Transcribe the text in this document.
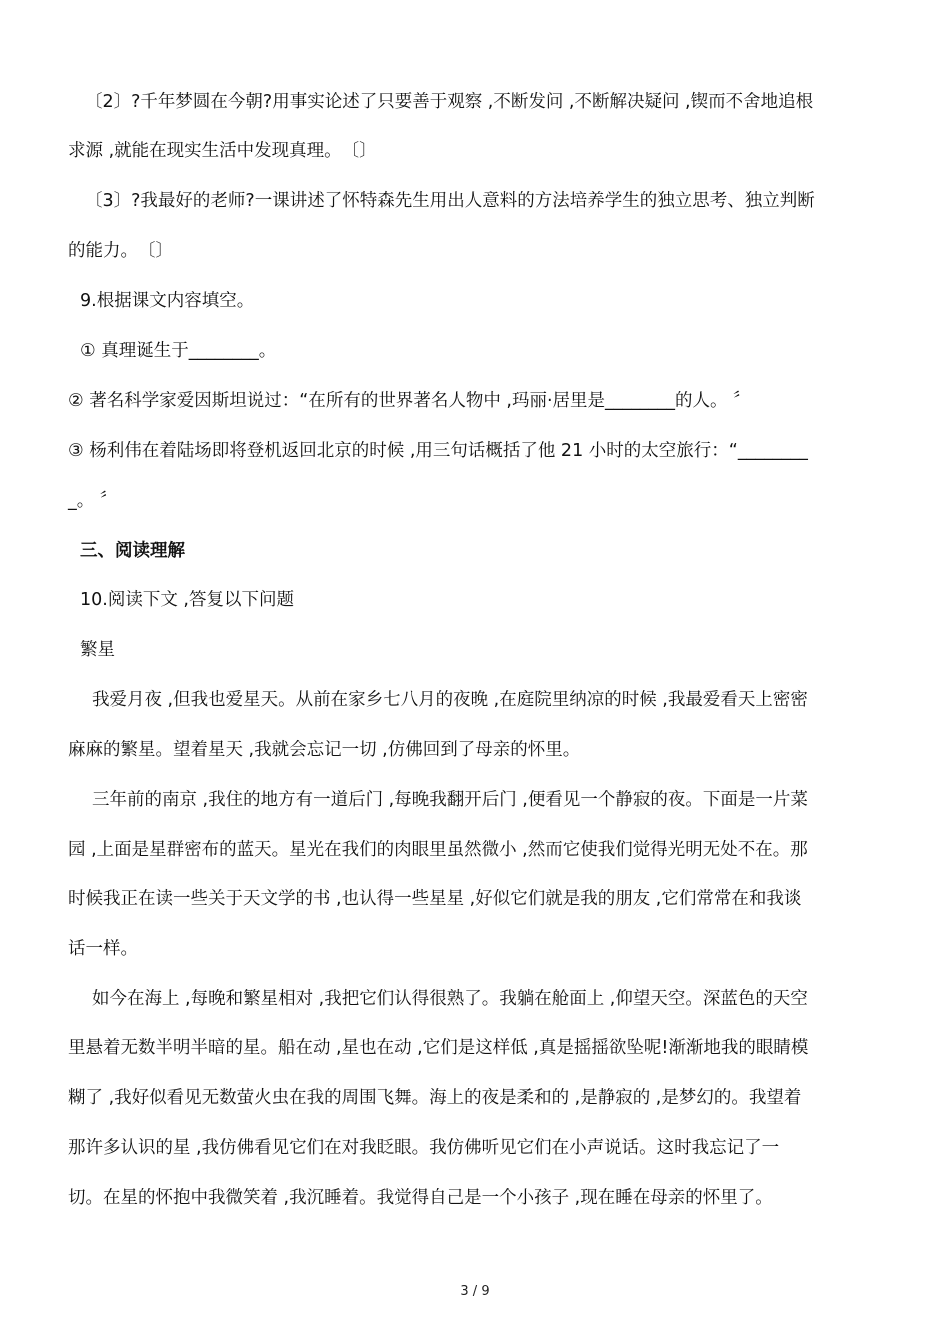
〔2〕?千年梦圆在今朝?用事实论述了只要善于观察 ,不断发问 ,不断解决疑问 ,锲而不舍地追根
求源 ,就能在现实生活中发现真理。　〔〕
〔3〕?我最好的老师?一课讲述了怀特森先生用出人意料的方法培养学生的独立思考、独立判断
的能力。　〔〕
9.根据课文内容填空。
① 真理诞生于________。
② 著名科学家爱因斯坦说过：“在所有的世界著名人物中 ,玛丽·居里是________的人。 〞
③ 杨利伟在着陆场即将登机返回北京的时候 ,用三句话概括了他 21 小时的太空旅行：“________
_。 〞
三、阅读理解
10.阅读下文 ,答复以下问题
繁星
我爱月夜 ,但我也爱星天。从前在家乡七八月的夜晚 ,在庭院里纳凉的时候 ,我最爱看天上密密
麻麻的繁星。望着星天 ,我就会忘记一切 ,仿佛回到了母亲的怀里。
三年前的南京 ,我住的地方有一道后门 ,每晚我翻开后门 ,便看见一个静寂的夜。下面是一片菜
园 ,上面是星群密布的蓝天。星光在我们的肉眼里虽然微小 ,然而它使我们觉得光明无处不在。那
时候我正在读一些关于天文学的书 ,也认得一些星星 ,好似它们就是我的朋友 ,它们常常在和我谈
话一样。
如今在海上 ,每晚和繁星相对 ,我把它们认得很熟了。我躺在舱面上 ,仰望天空。深蓝色的天空
里悬着无数半明半暗的星。船在动 ,星也在动 ,它们是这样低 ,真是摇摇欲坠呢!渐渐地我的眼睛模
糊了 ,我好似看见无数萤火虫在我的周围飞舞。海上的夜是柔和的 ,是静寂的 ,是梦幻的。我望着
那许多认识的星 ,我仿佛看见它们在对我眨眼。我仿佛听见它们在小声说话。这时我忘记了一
切。在星的怀抱中我微笑着 ,我沉睡着。我觉得自己是一个小孩子 ,现在睡在母亲的怀里了。
3 / 9
